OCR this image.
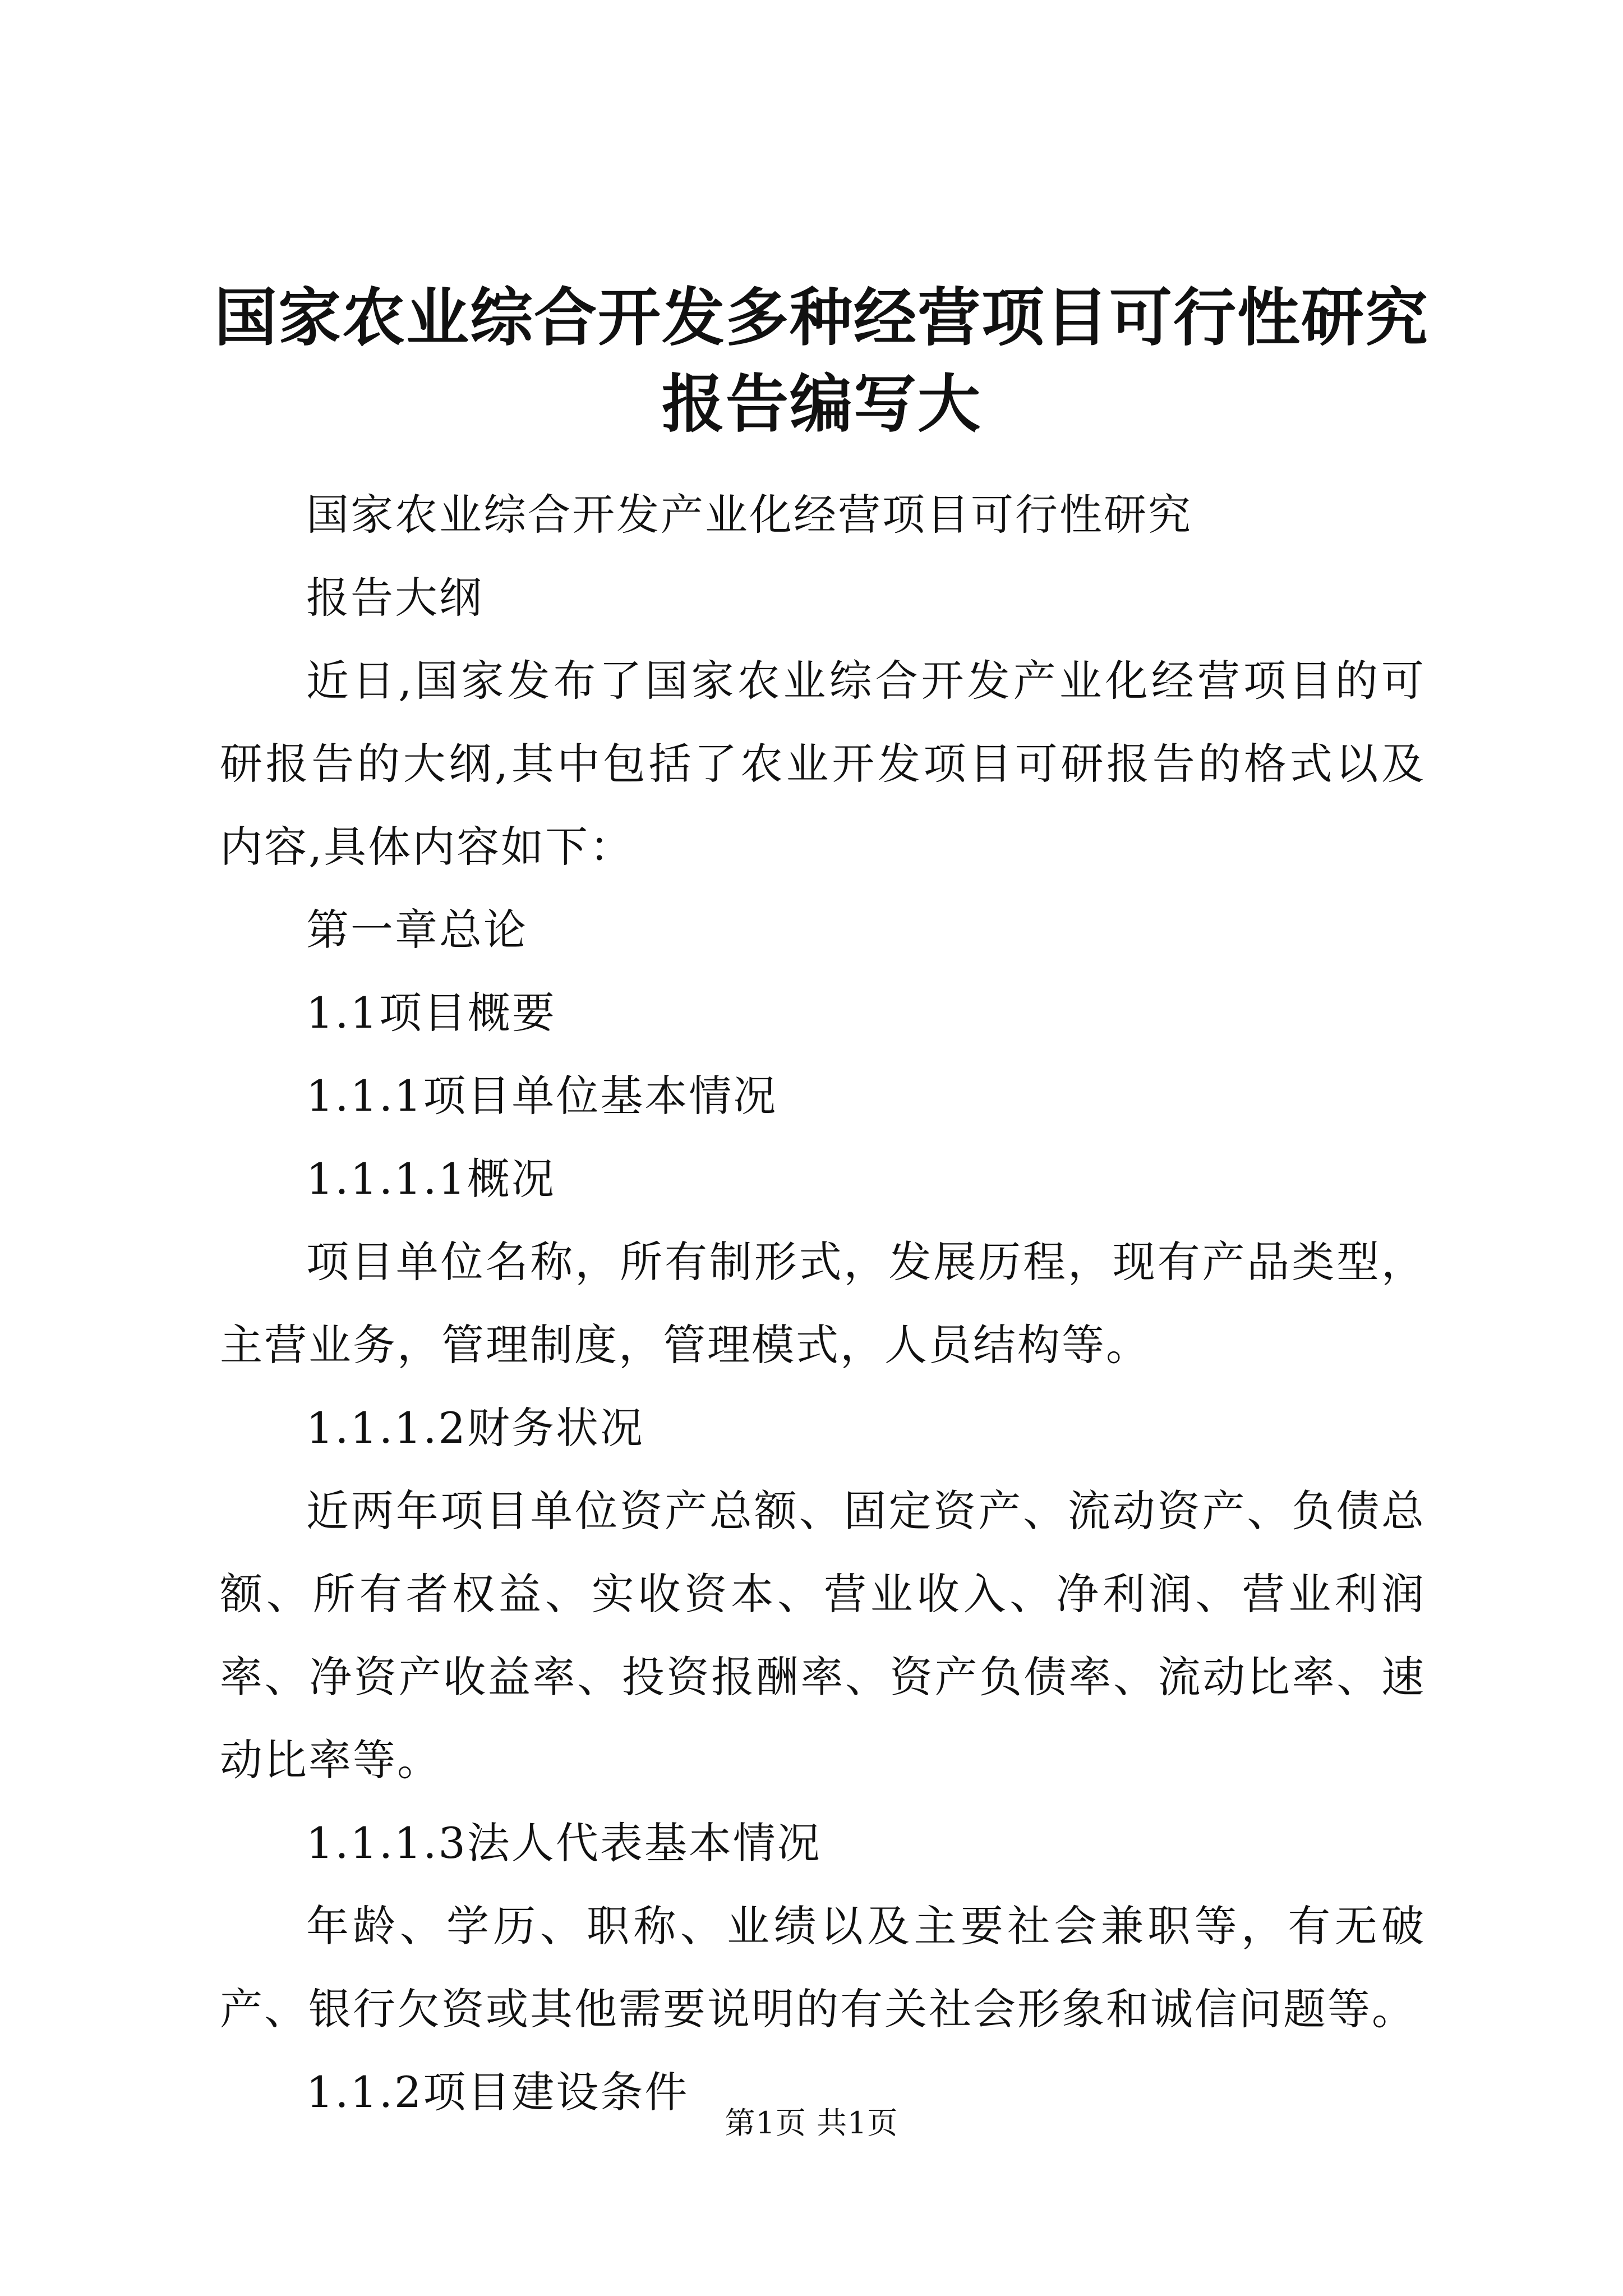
国家农业综合开发多种经营项目可行性研究报告编写大

国家农业综合开发产业化经营项目可行性研究

报告大纲

近日,国家发布了国家农业综合开发产业化经营项目的可研报告的大纲,其中包括了农业开发项目可研报告的格式以及内容,具体内容如下：

第一章总论

1.1项目概要

1.1.1项目单位基本情况

1.1.1.1概况

项目单位名称，所有制形式，发展历程，现有产品类型，主营业务，管理制度，管理模式，人员结构等。

1.1.1.2财务状况

近两年项目单位资产总额、固定资产、流动资产、负债总额、所有者权益、实收资本、营业收入、净利润、营业利润率、净资产收益率、投资报酬率、资产负债率、流动比率、速动比率等。

1.1.1.3法人代表基本情况

年龄、学历、职称、业绩以及主要社会兼职等，有无破产、银行欠资或其他需要说明的有关社会形象和诚信问题等。

1.1.2项目建设条件

第1页 共1页
